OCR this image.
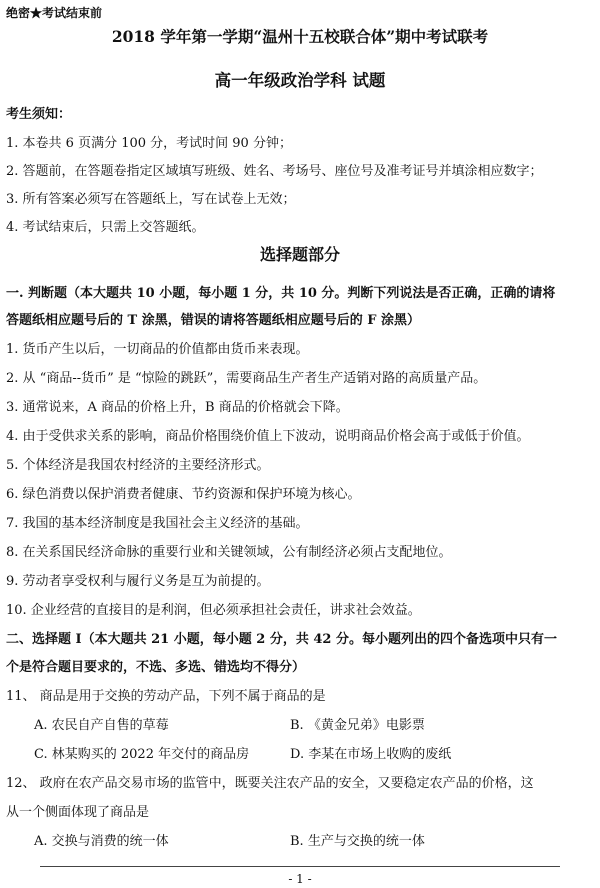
绝密★考试结束前
2018 学年第一学期“温州十五校联合体”期中考试联考
高一年级政治学科 试题
考生须知：
1. 本卷共 6 页满分 100 分，考试时间 90 分钟；
2. 答题前，在答题卷指定区域填写班级、姓名、考场号、座位号及准考证号并填涂相应数字；
3. 所有答案必须写在答题纸上，写在试卷上无效；
4. 考试结束后，只需上交答题纸。
选择题部分
一. 判断题（本大题共 10 小题，每小题 1 分，共 10 分。判断下列说法是否正确，正确的请将
答题纸相应题号后的 T 涂黑，错误的请将答题纸相应题号后的 F 涂黑）
1. 货币产生以后，一切商品的价值都由货币来表现。
2. 从 “商品--货币” 是 “惊险的跳跃”，需要商品生产者生产适销对路的高质量产品。
3. 通常说来，A 商品的价格上升，B 商品的价格就会下降。
4. 由于受供求关系的影响，商品价格围绕价值上下波动，说明商品价格会高于或低于价值。
5. 个体经济是我国农村经济的主要经济形式。
6. 绿色消费以保护消费者健康、节约资源和保护环境为核心。
7. 我国的基本经济制度是我国社会主义经济的基础。
8. 在关系国民经济命脉的重要行业和关键领域，公有制经济必须占支配地位。
9. 劳动者享受权利与履行义务是互为前提的。
10. 企业经营的直接目的是利润，但必须承担社会责任，讲求社会效益。
二、选择题 I（本大题共 21 小题，每小题 2 分，共 42 分。每小题列出的四个备选项中只有一
个是符合题目要求的，不选、多选、错选均不得分）
11、 商品是用于交换的劳动产品，下列不属于商品的是
A. 农民自产自售的草莓	B. 《黄金兄弟》电影票
C. 林某购买的 2022 年交付的商品房	D. 李某在市场上收购的废纸
12、 政府在农产品交易市场的监管中，既要关注农产品的安全，又要稳定农产品的价格，这
从一个侧面体现了商品是
A. 交换与消费的统一体	B. 生产与交换的统一体
- 1 -
